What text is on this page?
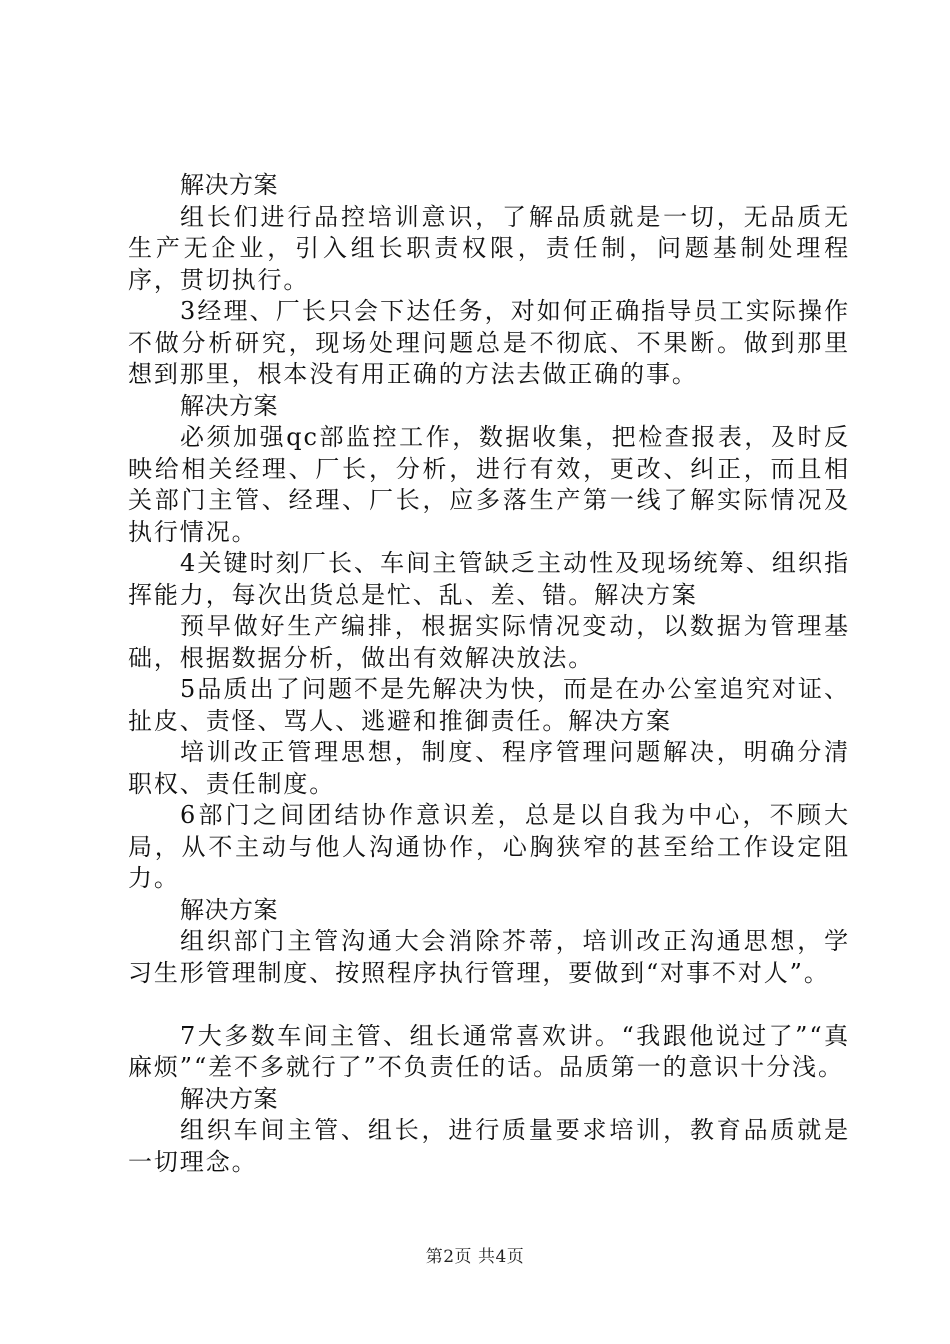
解决方案

组长们进行品控培训意识，了解品质就是一切，无品质无生产无企业，引入组长职责权限，责任制，问题基制处理程序，贯切执行。

3经理、厂长只会下达任务，对如何正确指导员工实际操作不做分析研究，现场处理问题总是不彻底、不果断。做到那里想到那里，根本没有用正确的方法去做正确的事。

解决方案

必须加强qc部监控工作，数据收集，把检查报表，及时反映给相关经理、厂长，分析，进行有效，更改、纠正，而且相关部门主管、经理、厂长，应多落生产第一线了解实际情况及执行情况。

4关键时刻厂长、车间主管缺乏主动性及现场统筹、组织指挥能力，每次出货总是忙、乱、差、错。解决方案

预早做好生产编排，根据实际情况变动，以数据为管理基础，根据数据分析，做出有效解决放法。

5品质出了问题不是先解决为快，而是在办公室追究对证、扯皮、责怪、骂人、逃避和推御责任。解决方案

培训改正管理思想，制度、程序管理问题解决，明确分清职权、责任制度。

6部门之间团结协作意识差，总是以自我为中心，不顾大局，从不主动与他人沟通协作，心胸狭窄的甚至给工作设定阻力。

解决方案

组织部门主管沟通大会消除芥蒂，培训改正沟通思想，学习生形管理制度、按照程序执行管理，要做到“对事不对人”。

7大多数车间主管、组长通常喜欢讲。“我跟他说过了”“真麻烦”“差不多就行了”不负责任的话。品质第一的意识十分浅。

解决方案

组织车间主管、组长，进行质量要求培训，教育品质就是一切理念。

第2页 共4页
